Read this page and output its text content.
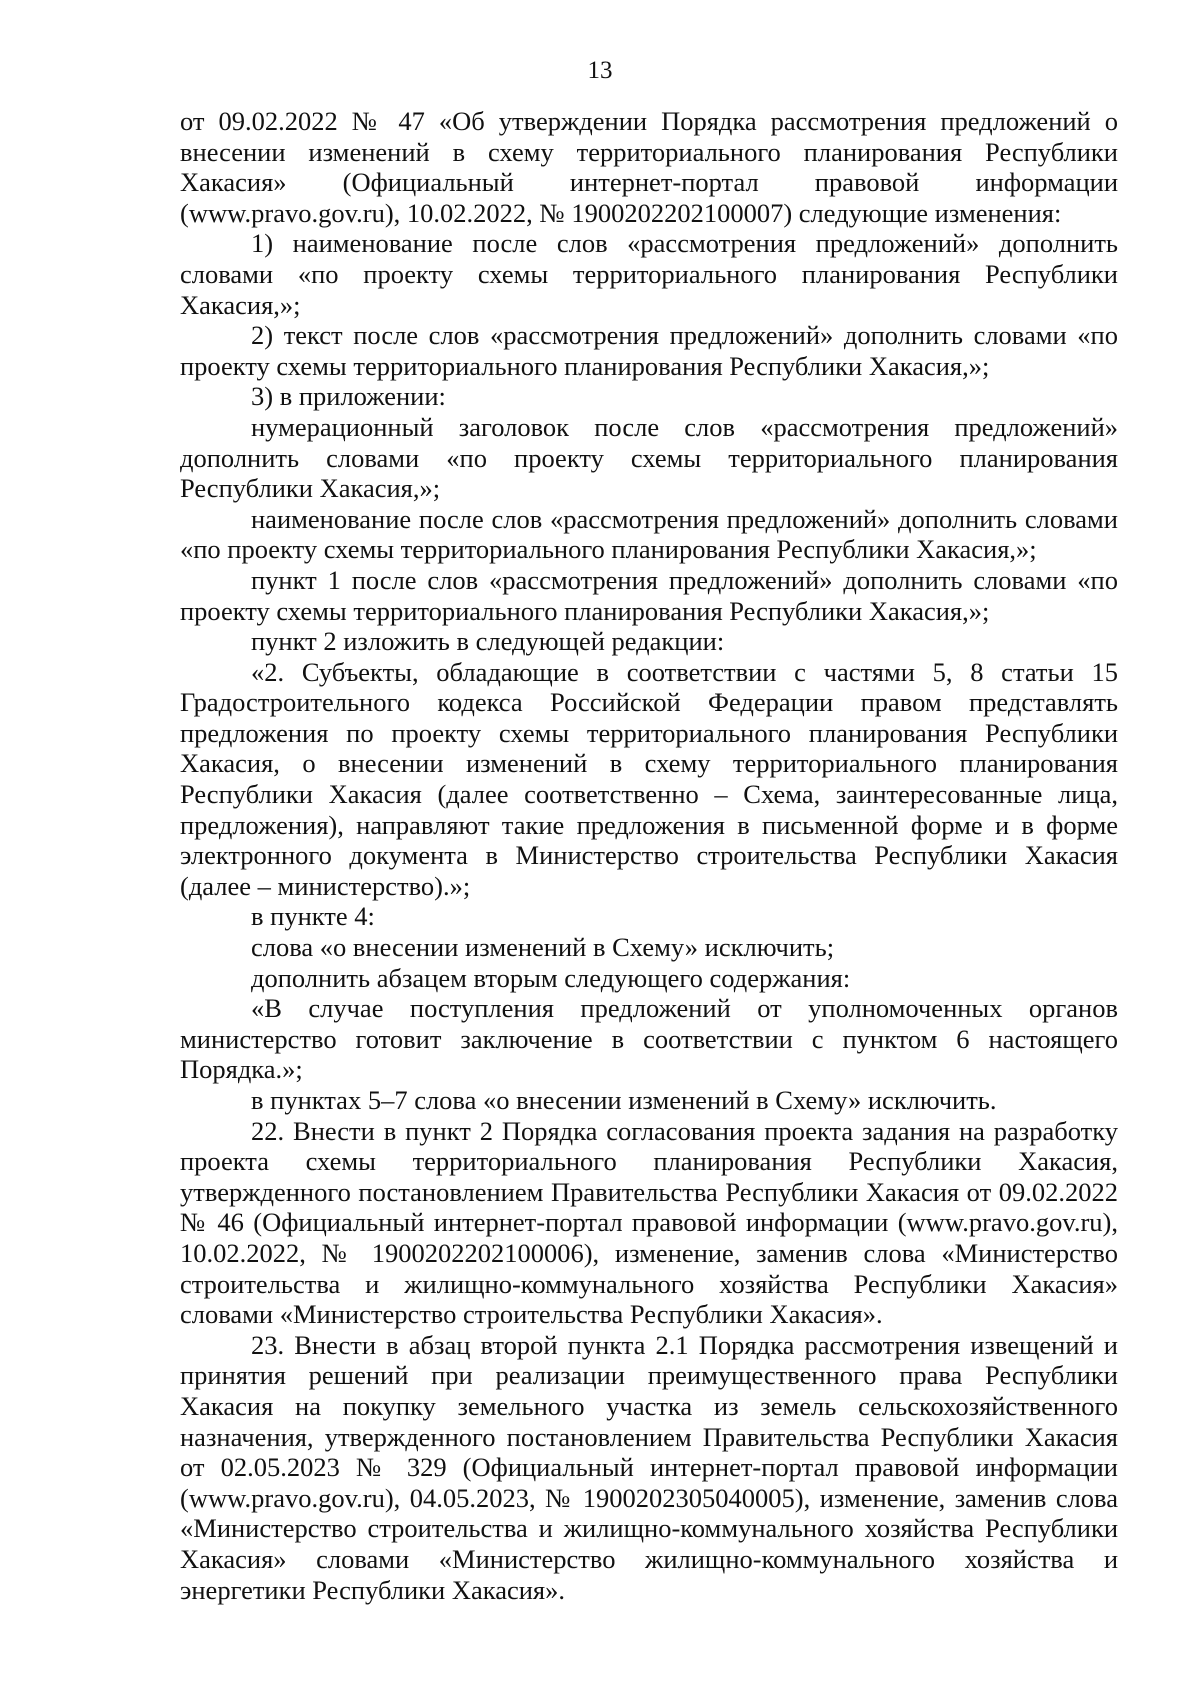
13

от 09.02.2022 № 47 «Об утверждении Порядка рассмотрения предложений о внесении изменений в схему территориального планирования Республики Хакасия» (Официальный интернет-портал правовой информации (www.pravo.gov.ru), 10.02.2022, № 1900202202100007) следующие изменения:

1) наименование после слов «рассмотрения предложений» дополнить словами «по проекту схемы территориального планирования Республики Хакасия,»;

2) текст после слов «рассмотрения предложений» дополнить словами «по проекту схемы территориального планирования Республики Хакасия,»;

3) в приложении:

нумерационный заголовок после слов «рассмотрения предложений» дополнить словами «по проекту схемы территориального планирования Республики Хакасия,»;

наименование после слов «рассмотрения предложений» дополнить словами «по проекту схемы территориального планирования Республики Хакасия,»;

пункт 1 после слов «рассмотрения предложений» дополнить словами «по проекту схемы территориального планирования Республики Хакасия,»;

пункт 2 изложить в следующей редакции:

«2. Субъекты, обладающие в соответствии с частями 5, 8 статьи 15 Градостроительного кодекса Российской Федерации правом представлять предложения по проекту схемы территориального планирования Республики Хакасия, о внесении изменений в схему территориального планирования Республики Хакасия (далее соответственно – Схема, заинтересованные лица, предложения), направляют такие предложения в письменной форме и в форме электронного документа в Министерство строительства Республики Хакасия (далее – министерство).»;

в пункте 4:

слова «о внесении изменений в Схему» исключить;

дополнить абзацем вторым следующего содержания:

«В случае поступления предложений от уполномоченных органов министерство готовит заключение в соответствии с пунктом 6 настоящего Порядка.»;

в пунктах 5–7 слова «о внесении изменений в Схему» исключить.

22. Внести в пункт 2 Порядка согласования проекта задания на разработку проекта схемы территориального планирования Республики Хакасия, утвержденного постановлением Правительства Республики Хакасия от 09.02.2022 № 46 (Официальный интернет-портал правовой информации (www.pravo.gov.ru), 10.02.2022, № 1900202202100006), изменение, заменив слова «Министерство строительства и жилищно-коммунального хозяйства Республики Хакасия» словами «Министерство строительства Республики Хакасия».

23. Внести в абзац второй пункта 2.1 Порядка рассмотрения извещений и принятия решений при реализации преимущественного права Республики Хакасия на покупку земельного участка из земель сельскохозяйственного назначения, утвержденного постановлением Правительства Республики Хакасия от 02.05.2023 № 329 (Официальный интернет-портал правовой информации (www.pravo.gov.ru), 04.05.2023, № 1900202305040005), изменение, заменив слова «Министерство строительства и жилищно-коммунального хозяйства Республики Хакасия» словами «Министерство жилищно-коммунального хозяйства и энергетики Республики Хакасия».
